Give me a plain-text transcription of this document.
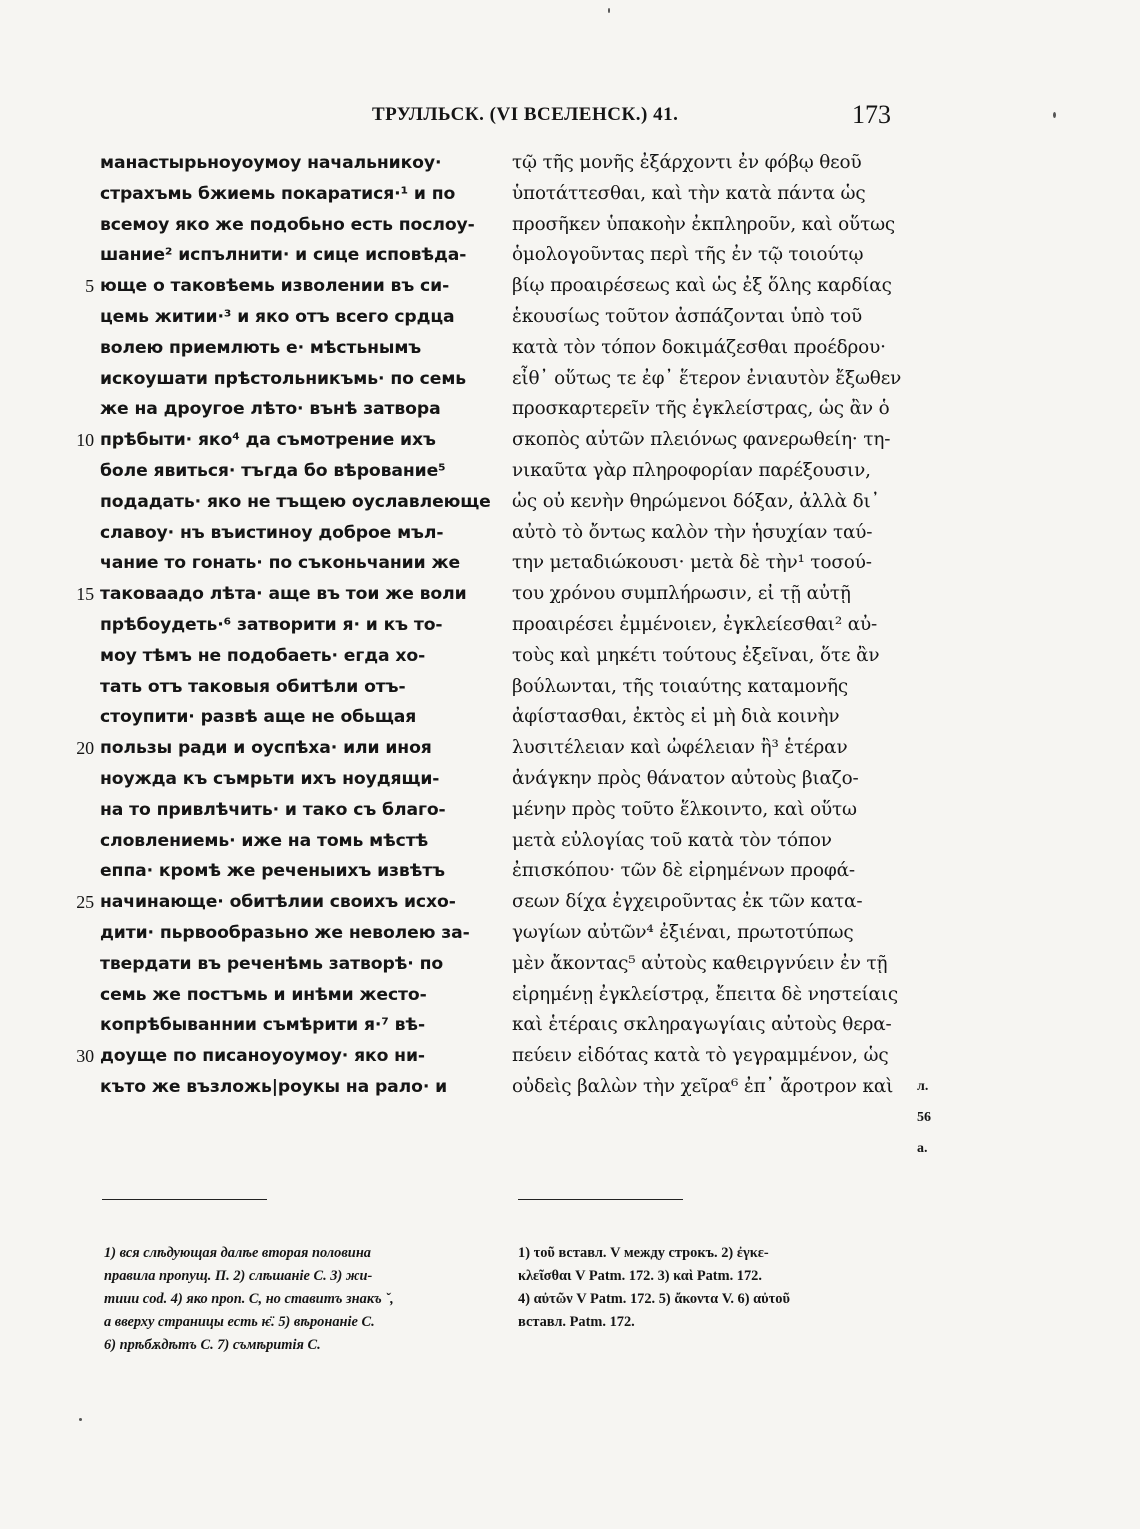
ТРУЛЛЬСК. (VI ВСЕЛЕНСК.) 41.	173
манастырьноуоумоу начальникоу·
страхъмь бжиемь покаратися·¹ и по
всемоу яко же подобьно есть послоу-
шание² испълнити· и сице исповѣда-
5 юще о таковѣемь изволении въ си-
цемь житии·³ и яко отъ всего срдца
волею приемлють е· мѣстьнымъ
искоушати прѣстольникъмь· по семь
же на дроугое лѣто· вънѣ затвора
10 прѣбыти· яко⁴ да съмотрение ихъ
боле явиться· тъгда бо вѣрование⁵
подадать· яко не тъщею оуславлеюще
славоу· нъ въистиноу доброе мъл-
чание то гонать· по съконьчании же
15 таковаадо лѣта· аще въ тои же воли
прѣбоудеть·⁶ затворити я· и къ то-
моу тѣмъ не подобаеть· егда хо-
тать отъ таковыя обитѣли отъ-
стоупити· развѣ аще не обьщая
20 пользы ради и оуспѣха· или иноя
ноужда къ съмрьти ихъ ноудящи-
на то привлѣчить· и тако съ благо-
словлениемь· иже на томь мѣстѣ
еппа· кромѣ же реченыихъ извѣтъ
25 начинающе· обитѣлии своихъ исхо-
дити· пьрвообразьно же неволею за-
твердати въ реченѣмь затворѣ· по
семь же постъмь и инѣми жесто-
копрѣбываннии съмѣрити я·⁷ вѣ-
30 доуще по писаноуоумоу· яко ни-
къто же възложь|роукы на рало· и
τῷ τῆς μονῆς ἐξάρχοντι ἐν φόβῳ θεοῦ
ὑποτάττεσθαι, καὶ τὴν κατὰ πάντα ὡς
προσῆκεν ὑπακοὴν ἐκπληροῦν, καὶ οὕτως
ὁμολογοῦντας περὶ τῆς ἐν τῷ τοιούτῳ
βίῳ προαιρέσεως καὶ ὡς ἐξ ὅλης καρδίας
ἑκουσίως τοῦτον ἀσπάζονται ὑπὸ τοῦ
κατὰ τὸν τόπον δοκιμάζεσθαι προέδρου·
εἶθ᾽ οὕτως τε ἐφ᾽ ἕτερον ἐνιαυτὸν ἔξωθεν
προσκαρτερεῖν τῆς ἐγκλείστρας, ὡς ἂν ὁ
σκοπὸς αὐτῶν πλειόνως φανερωθείη· τη-
νικαῦτα γὰρ πληροφορίαν παρέξουσιν,
ὡς οὐ κενὴν θηρώμενοι δόξαν, ἀλλὰ δι᾽
αὐτὸ τὸ ὄντως καλὸν τὴν ἡσυχίαν ταύ-
την μεταδιώκουσι· μετὰ δὲ τὴν¹ τοσού-
του χρόνου συμπλήρωσιν, εἰ τῇ αὐτῇ
προαιρέσει ἐμμένοιεν, ἐγκλείεσθαι² αὐ-
τοὺς καὶ μηκέτι τούτους ἐξεῖναι, ὅτε ἂν
βούλωνται, τῆς τοιαύτης καταμονῆς
ἀφίστασθαι, ἐκτὸς εἰ μὴ διὰ κοινὴν
λυσιτέλειαν καὶ ὠφέλειαν ἢ³ ἑτέραν
ἀνάγκην πρὸς θάνατον αὐτοὺς βιαζο-
μένην πρὸς τοῦτο ἕλκοιντο, καὶ οὕτω
μετὰ εὐλογίας τοῦ κατὰ τὸν τόπον
ἐπισκόπου· τῶν δὲ εἰρημένων προφά-
σεων δίχα ἐγχειροῦντας ἐκ τῶν κατα-
γωγίων αὐτῶν⁴ ἐξιέναι, πρωτοτύπως
μὲν ἄκοντας⁵ αὐτοὺς καθειργνύειν ἐν τῇ
εἰρημένῃ ἐγκλείστρᾳ, ἔπειτα δὲ νηστείαις
καὶ ἑτέραις σκληραγωγίαις αὐτοὺς θερα-
πεύειν εἰδότας κατὰ τὸ γεγραμμένον, ὡς
οὐδεὶς βαλὼν τὴν χεῖρα⁶ ἐπ᾽ ἄροτρον καὶ	л. 56 а.
1) вся слѣдующая далѣе вторая половина
правила пропущ. П. 2) слѣшаніе С. 3) жи-
тиии cod. 4) яко проп. С, но ставитъ знакъ ˇ,
а вверху страницы есть ѥ̈. 5) вѣронаніе С.
6) прѣбѫдѣтъ С. 7) съмѣритія С.
1) τοῦ вставл. V между строкъ. 2) ἐγκε-
κλεῖσθαι V Patm. 172. 3) καὶ Patm. 172.
4) αὐτῶν V Patm. 172. 5) ἄκοντα V. 6) αὐτοῦ
вставл. Patm. 172.
